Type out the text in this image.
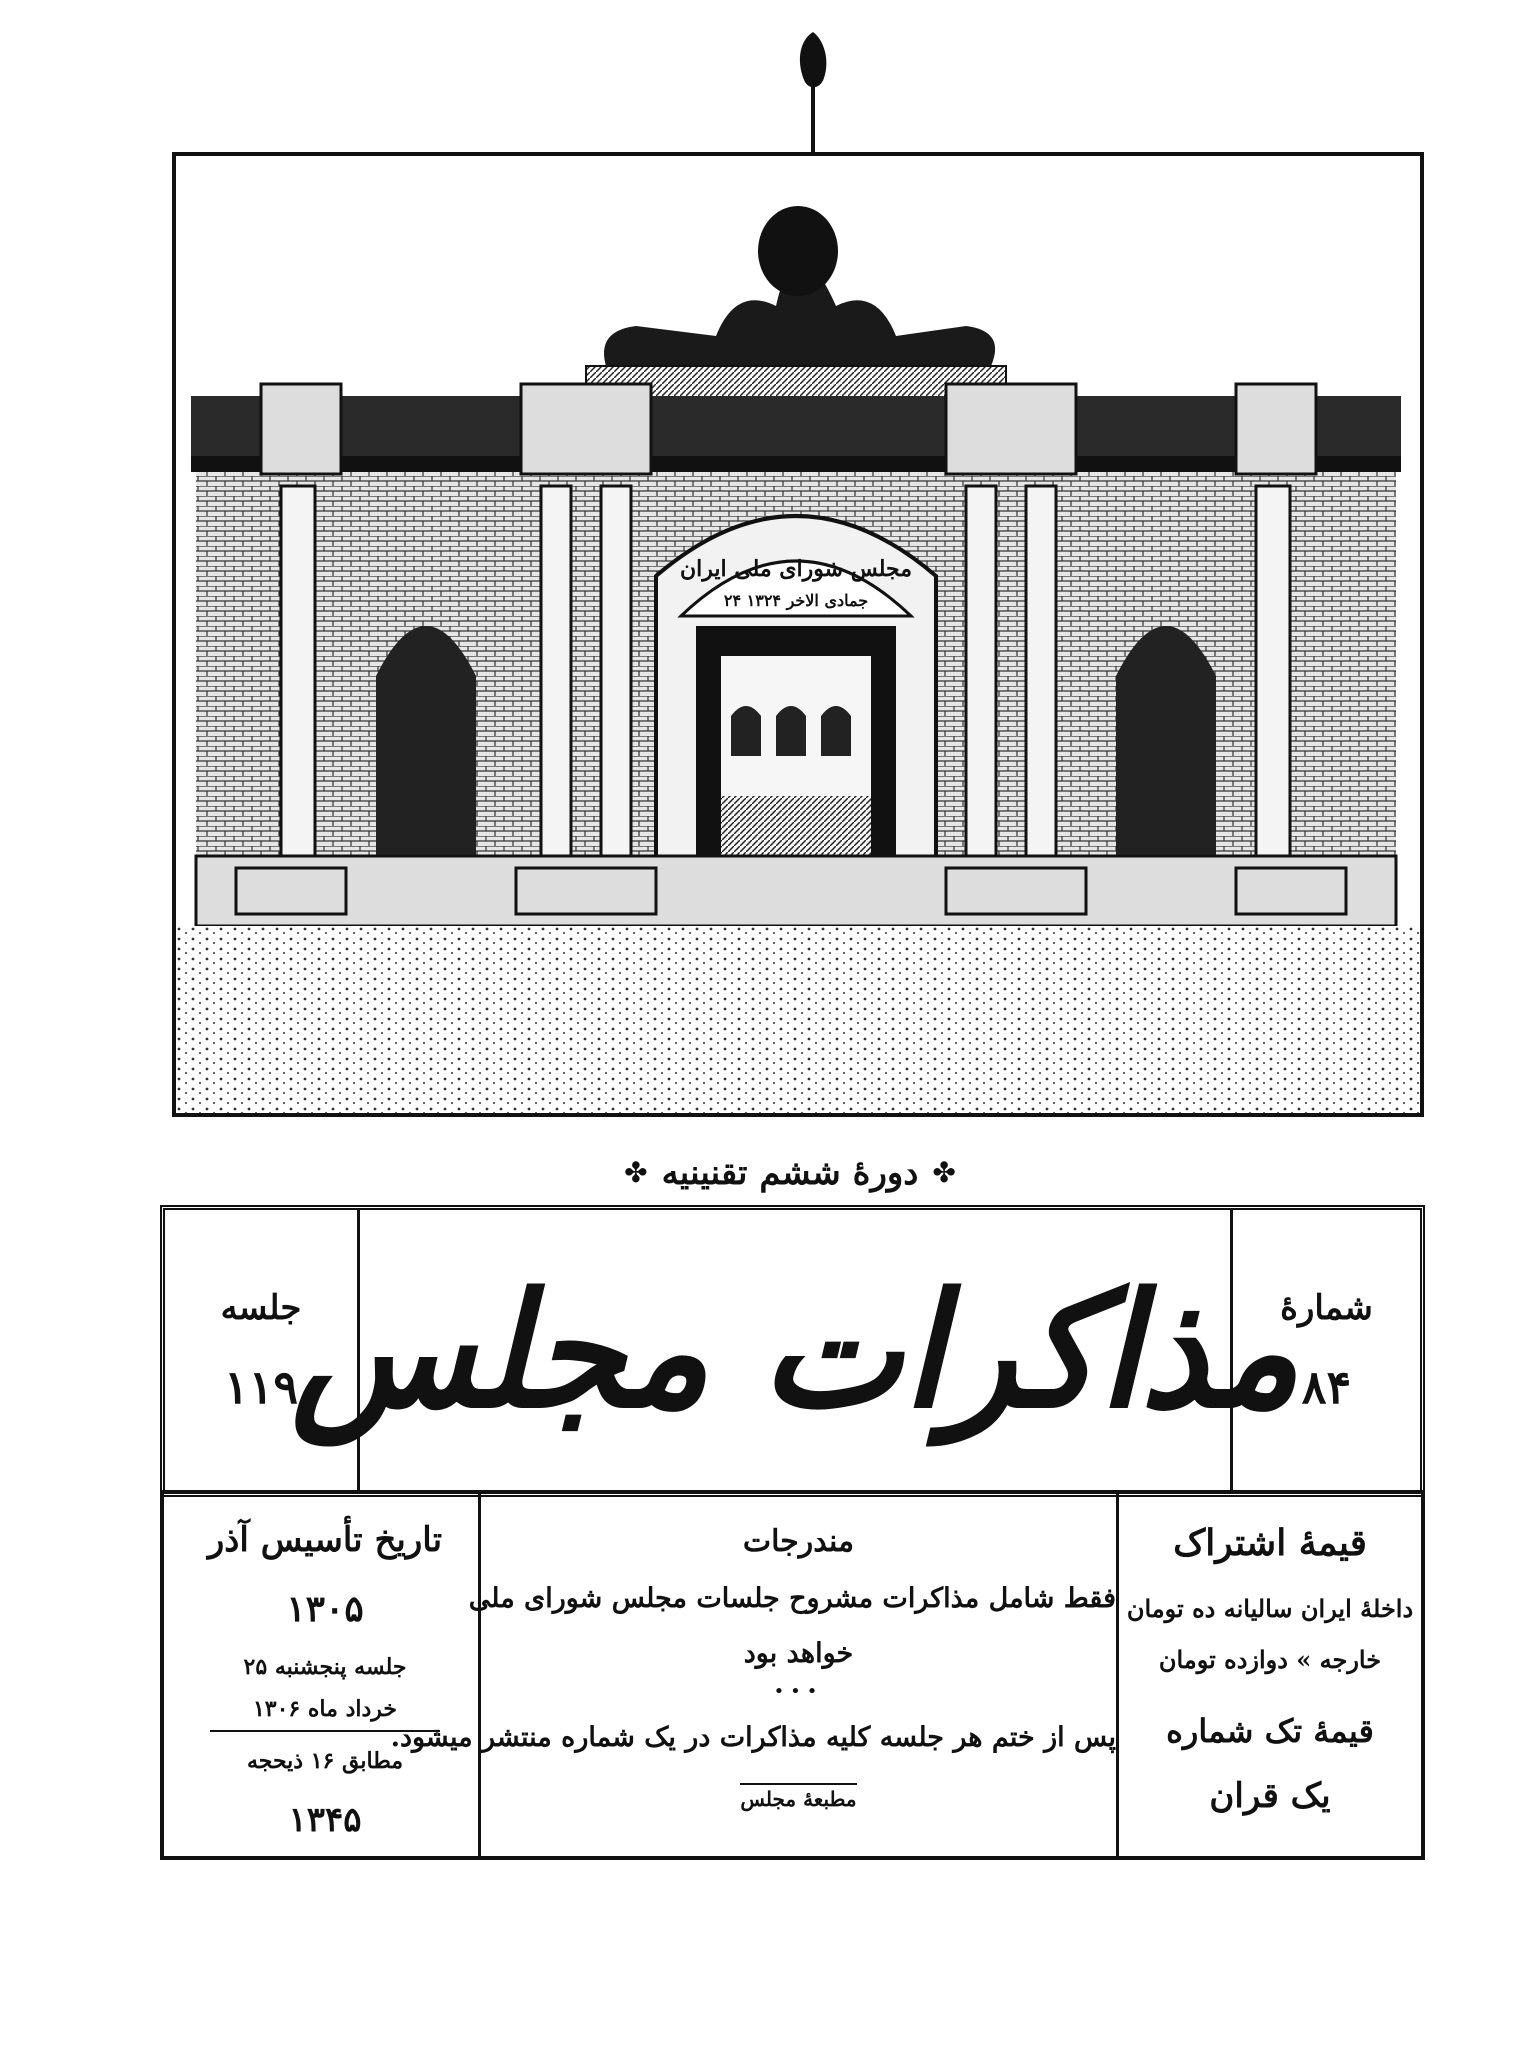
مجلس شورای ملی ایران
۲۴ جمادی الاخر ۱۳۲۴
✤
دورهٔ ششم تقنینیه
✤
شمارهٔ
۸۴
مذاکرات مجلس
جلسه
۱۱۹
قیمهٔ اشتراک
داخلهٔ ایران سالیانه ده تومان
خارجه » دوازده تومان
قیمهٔ تک شماره
یک قران
مندرجات
فقط شامل مذاکرات مشروح جلسات مجلس شورای ملی
خواهد بود
•••
پس از ختم هر جلسه کلیه مذاکرات در یک شماره منتشر میشود.
مطبعهٔ مجلس
تاریخ تأسیس آذر
۱۳۰۵
جلسه پنجشنبه ۲۵
خرداد ماه ۱۳۰۶
مطابق ۱۶ ذیحجه
۱۳۴۵
